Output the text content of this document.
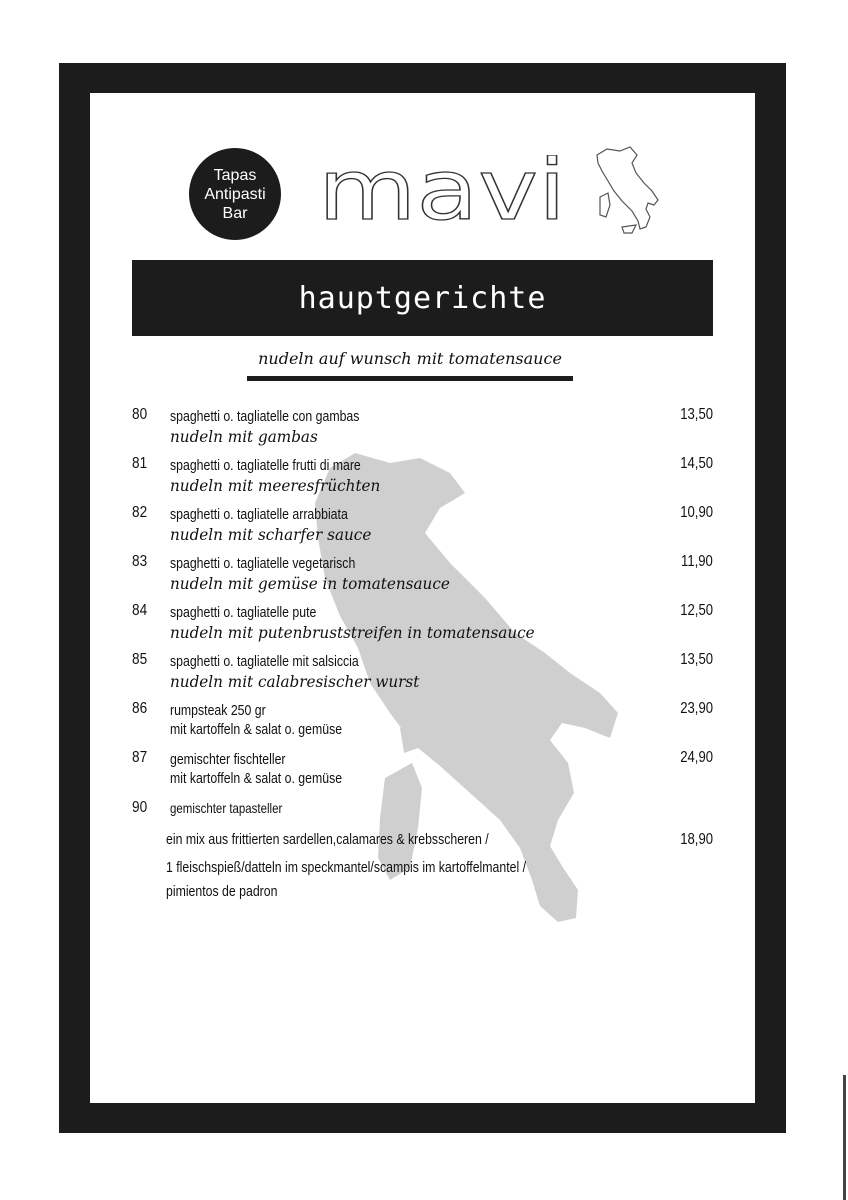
Tapas
Antipasti
Bar mavi
hauptgerichte
nudeln auf wunsch mit tomatensauce
80 spaghetti o. tagliatelle con gambas
nudeln mit gambas
13,50
81 spaghetti o. tagliatelle frutti di mare
nudeln mit meeresfrüchten
14,50
82 spaghetti o. tagliatelle arrabbiata
nudeln mit scharfer sauce
10,90
83 spaghetti o. tagliatelle vegetarisch
nudeln mit gemüse in tomatensauce
11,90
84 spaghetti o. tagliatelle pute
nudeln mit putenbruststreifen in tomatensauce
12,50
85 spaghetti o. tagliatelle mit salsiccia
nudeln mit calabresischer wurst
13,50
86 rumpsteak 250 gr
mit kartoffeln & salat o. gemüse
23,90
87 gemischter fischteller
mit kartoffeln & salat o. gemüse
24,90
90 gemischter tapasteller
ein mix aus frittierten sardellen,calamares & krebsscheren /	18,90
1 fleischspieß/datteln im speckmantel/scampis im kartoffelmantel /
pimientos de padron
